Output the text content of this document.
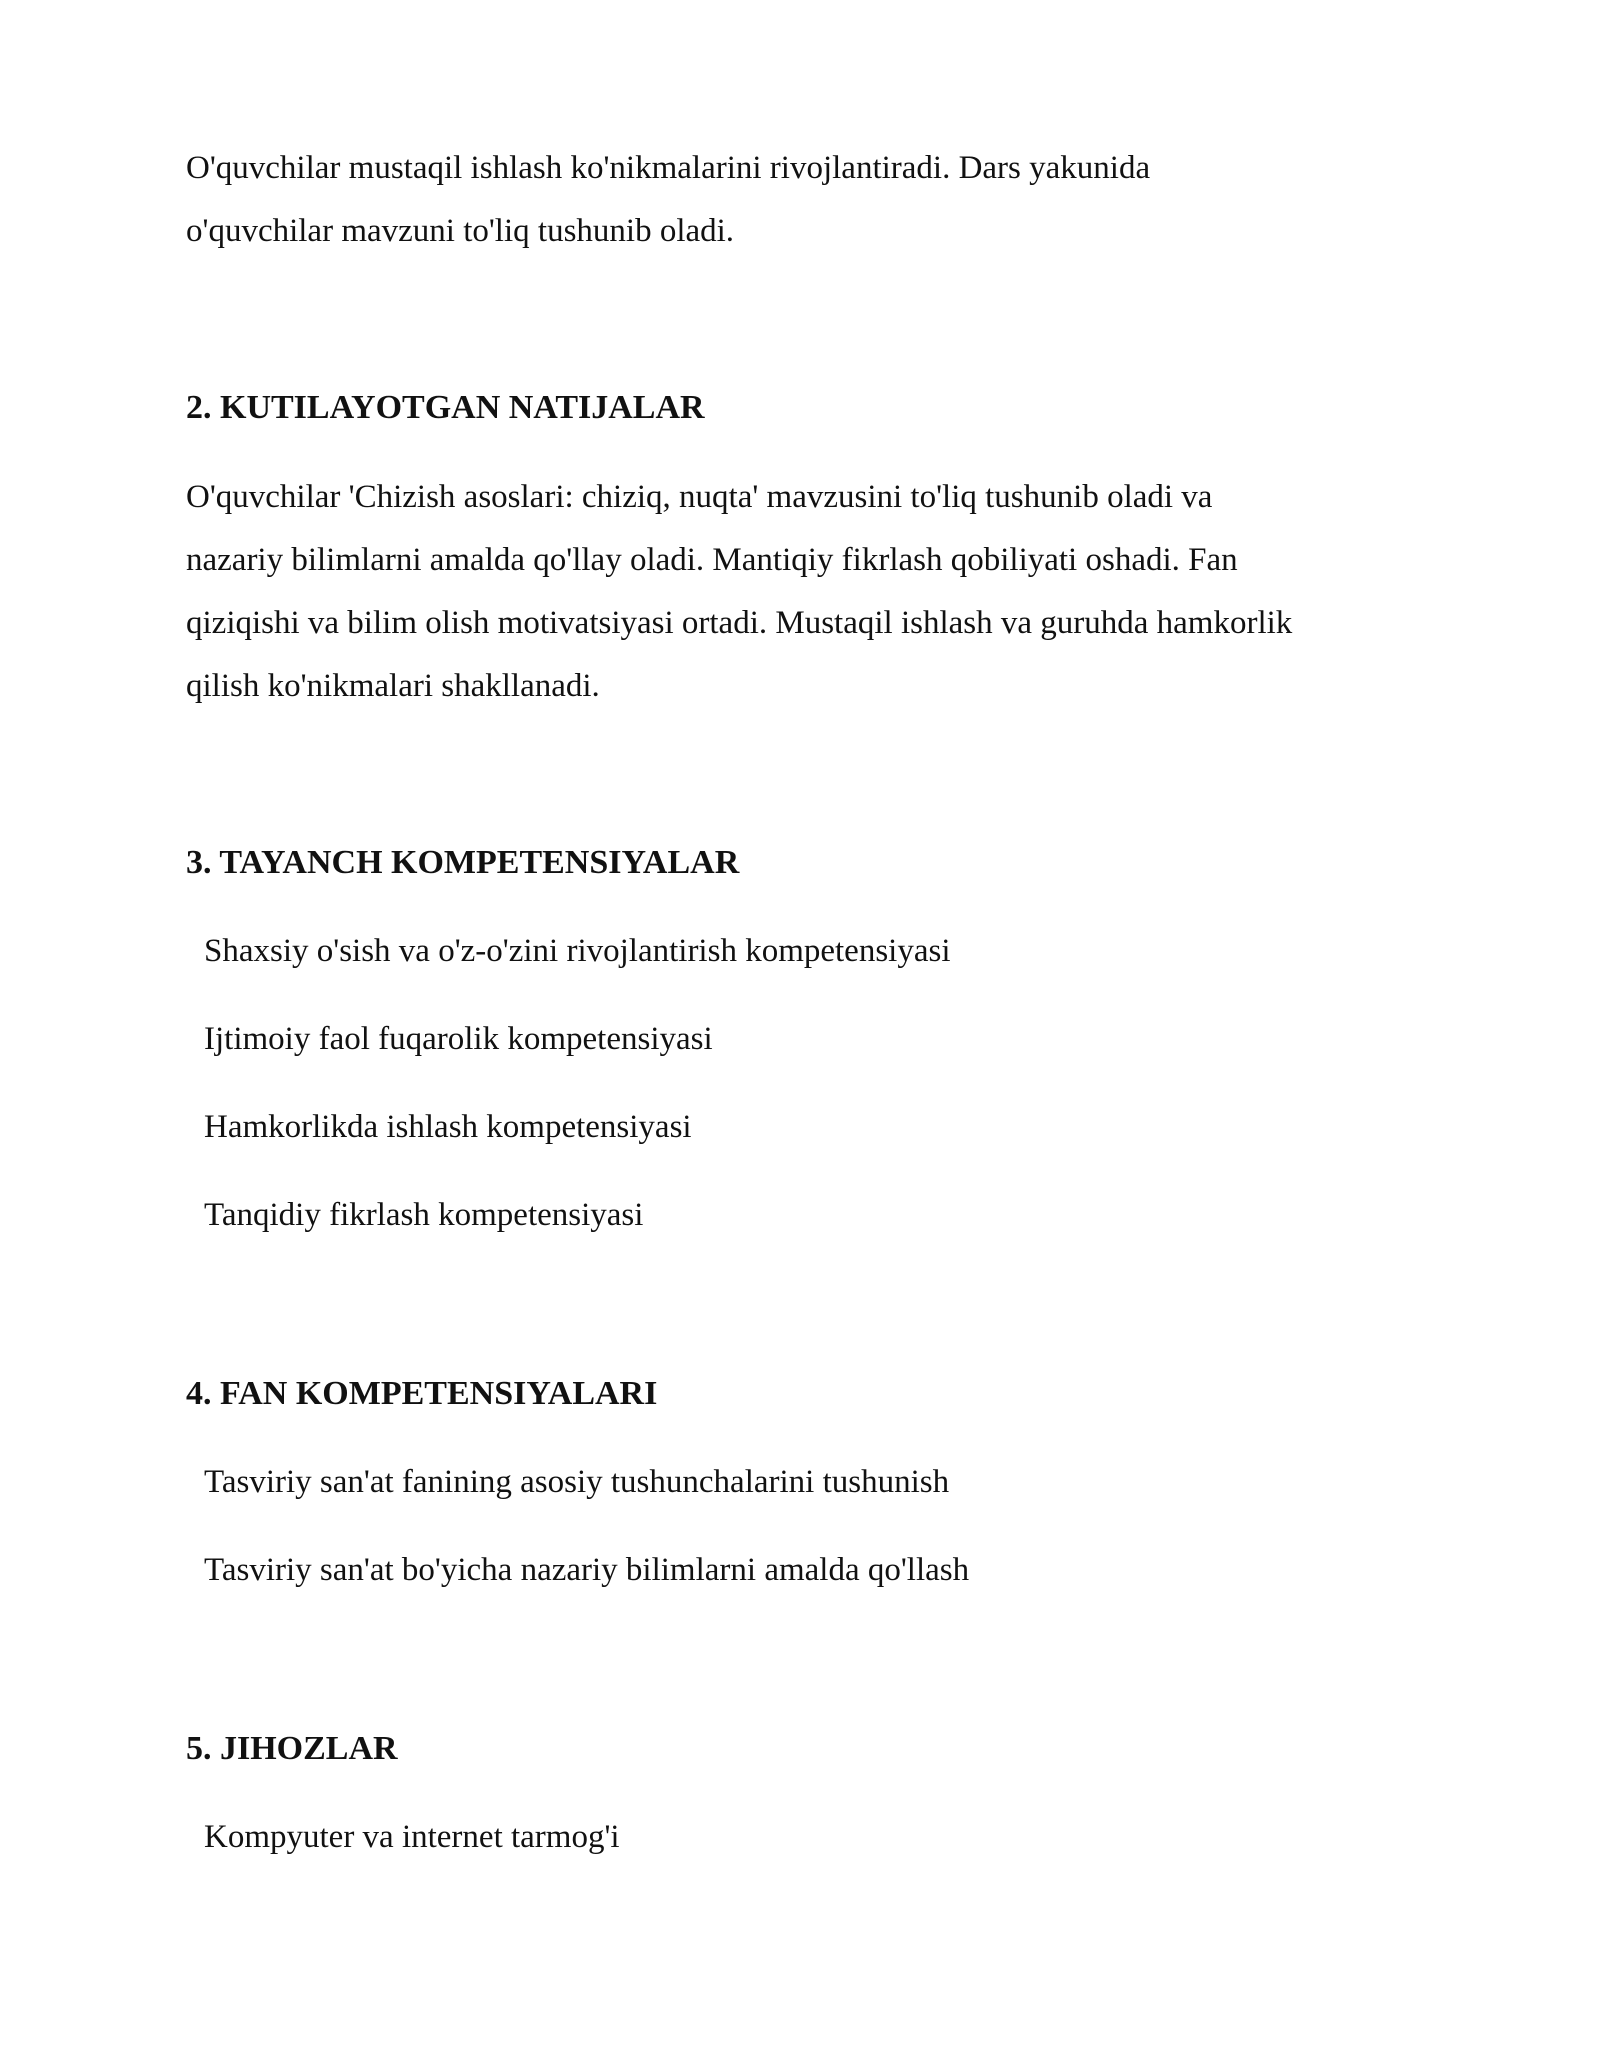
O'quvchilar mustaqil ishlash ko'nikmalarini rivojlantiradi. Dars yakunida

o'quvchilar mavzuni to'liq tushunib oladi.

2. KUTILAYOTGAN NATIJALAR

O'quvchilar 'Chizish asoslari: chiziq, nuqta' mavzusini to'liq tushunib oladi va

nazariy bilimlarni amalda qo'llay oladi. Mantiqiy fikrlash qobiliyati oshadi. Fan

qiziqishi va bilim olish motivatsiyasi ortadi. Mustaqil ishlash va guruhda hamkorlik

qilish ko'nikmalari shakllanadi.

3. TAYANCH KOMPETENSIYALAR

Shaxsiy o'sish va o'z-o'zini rivojlantirish kompetensiyasi

Ijtimoiy faol fuqarolik kompetensiyasi

Hamkorlikda ishlash kompetensiyasi

Tanqidiy fikrlash kompetensiyasi

4. FAN KOMPETENSIYALARI

Tasviriy san'at fanining asosiy tushunchalarini tushunish

Tasviriy san'at bo'yicha nazariy bilimlarni amalda qo'llash

5. JIHOZLAR

Kompyuter va internet tarmog'i
